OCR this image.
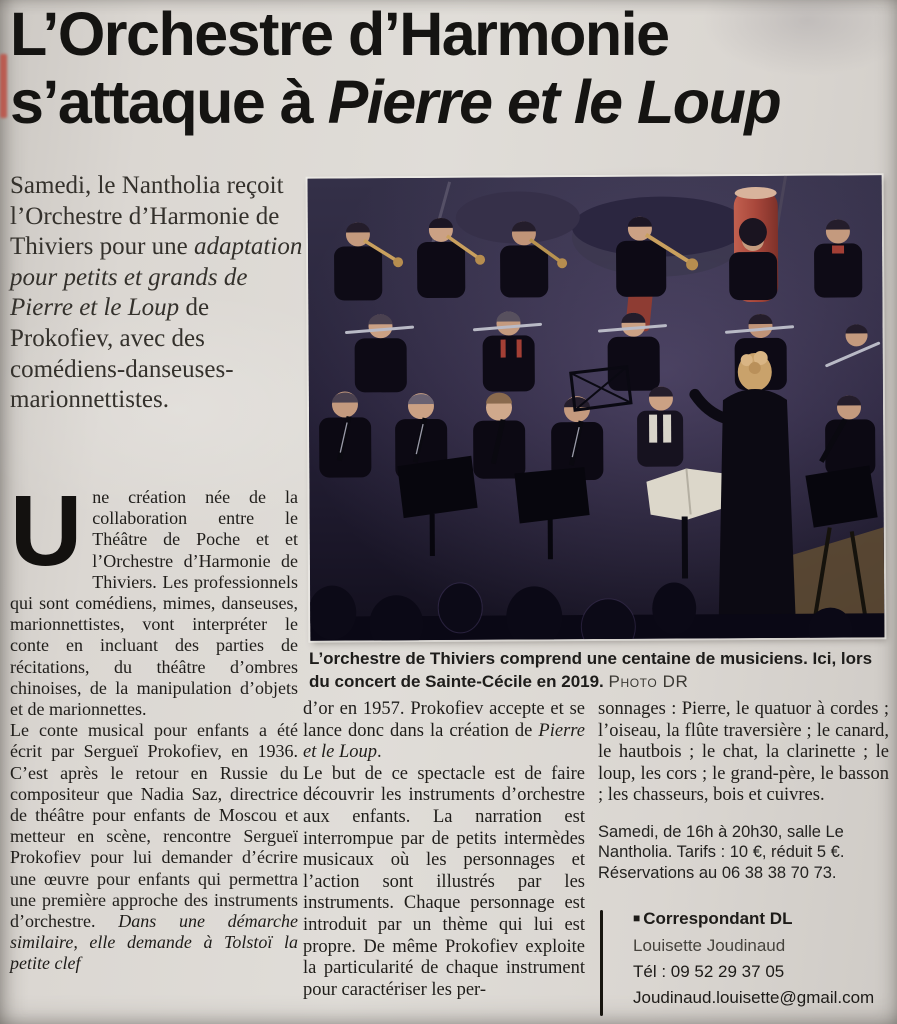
L’Orchestre d’Harmonie
s’attaque à Pierre et le Loup
Samedi, le Nantholia reçoit l’Orchestre d’Harmonie de Thiviers pour une adaptation pour petits et grands de Pierre et le Loup de Prokofiev, avec des comédiens-danseuses-marionnettistes.
L’orchestre de Thiviers comprend une centaine de musiciens. Ici, lors du concert de Sainte-Cécile en 2019. Photo DR

Une création née de la collaboration entre le Théâtre de Poche et et l’Orchestre d’Harmonie de Thiviers. Les professionnels qui sont comédiens, mimes, danseuses, marionnettistes, vont interpréter le conte en incluant des parties de récitations, du théâtre d’ombres chinoises, de la manipulation d’objets et de marionnettes.

Le conte musical pour enfants a été écrit par Sergueï Prokofiev, en 1936. C’est après le retour en Russie du compositeur que Nadia Saz, directrice de théâtre pour enfants de Moscou et metteur en scène, rencontre Sergueï Prokofiev pour lui demander d’écrire une œuvre pour enfants qui permettra une première approche des instruments d’orchestre. Dans une démarche similaire, elle demande à Tolstoï la petite clef

d’or en 1957. Prokofiev accepte et se lance donc dans la création de Pierre et le Loup.

Le but de ce spectacle est de faire découvrir les instruments d’orchestre aux enfants. La narration est interrompue par de petits intermèdes musicaux où les personnages et l’action sont illustrés par les instruments. Chaque personnage est introduit par un thème qui lui est propre. De même Prokofiev exploite la particularité de chaque instrument pour caractériser les per-

sonnages : Pierre, le quatuor à cordes ; l’oiseau, la flûte traversière ; le canard, le hautbois ; le chat, la clarinette ; le loup, les cors ; le grand-père, le basson ; les chasseurs, bois et cuivres.

Samedi, de 16h à 20h30, salle Le Nantholia. Tarifs : 10 €, réduit 5 €. Réservations au 06 38 38 70 73.

■ Correspondant DL
Louisette Joudinaud
Tél : 09 52 29 37 05
Joudinaud.louisette@gmail.com
